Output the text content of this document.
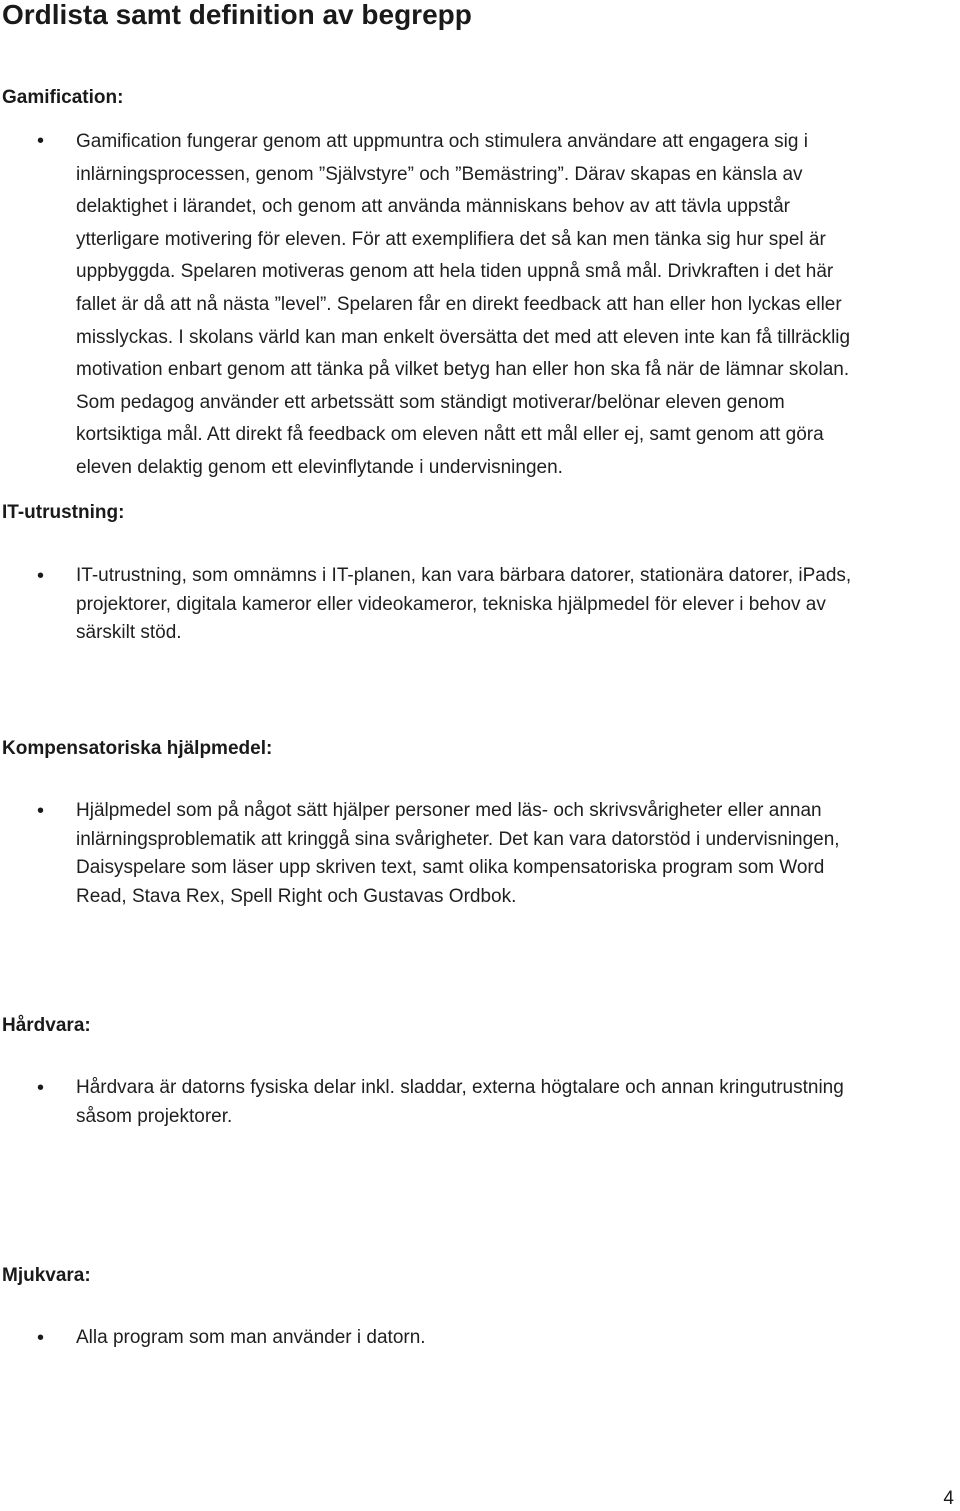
Ordlista samt definition av begrepp
Gamification:
• Gamification fungerar genom att uppmuntra och stimulera användare att engagera sig i
inlärningsprocessen, genom ”Självstyre” och ”Bemästring”. Därav skapas en känsla av
delaktighet i lärandet, och genom att använda människans behov av att tävla uppstår
ytterligare motivering för eleven. För att exemplifiera det så kan men tänka sig hur spel är
uppbyggda. Spelaren motiveras genom att hela tiden uppnå små mål. Drivkraften i det här
fallet är då att nå nästa ”level”. Spelaren får en direkt feedback att han eller hon lyckas eller
misslyckas. I skolans värld kan man enkelt översätta det med att eleven inte kan få tillräcklig
motivation enbart genom att tänka på vilket betyg han eller hon ska få när de lämnar skolan.
Som pedagog använder ett arbetssätt som ständigt motiverar/belönar eleven genom
kortsiktiga mål. Att direkt få feedback om eleven nått ett mål eller ej, samt genom att göra
eleven delaktig genom ett elevinflytande i undervisningen.
IT-utrustning:
• IT-utrustning, som omnämns i IT-planen, kan vara bärbara datorer, stationära datorer, iPads,
projektorer, digitala kameror eller videokameror, tekniska hjälpmedel för elever i behov av
särskilt stöd.
Kompensatoriska hjälpmedel:
• Hjälpmedel som på något sätt hjälper personer med läs- och skrivsvårigheter eller annan
inlärningsproblematik att kringgå sina svårigheter. Det kan vara datorstöd i undervisningen,
Daisyspelare som läser upp skriven text, samt olika kompensatoriska program som Word
Read, Stava Rex, Spell Right och Gustavas Ordbok.
Hårdvara:
• Hårdvara är datorns fysiska delar inkl. sladdar, externa högtalare och annan kringutrustning
såsom projektorer.
Mjukvara:
• Alla program som man använder i datorn.
4
